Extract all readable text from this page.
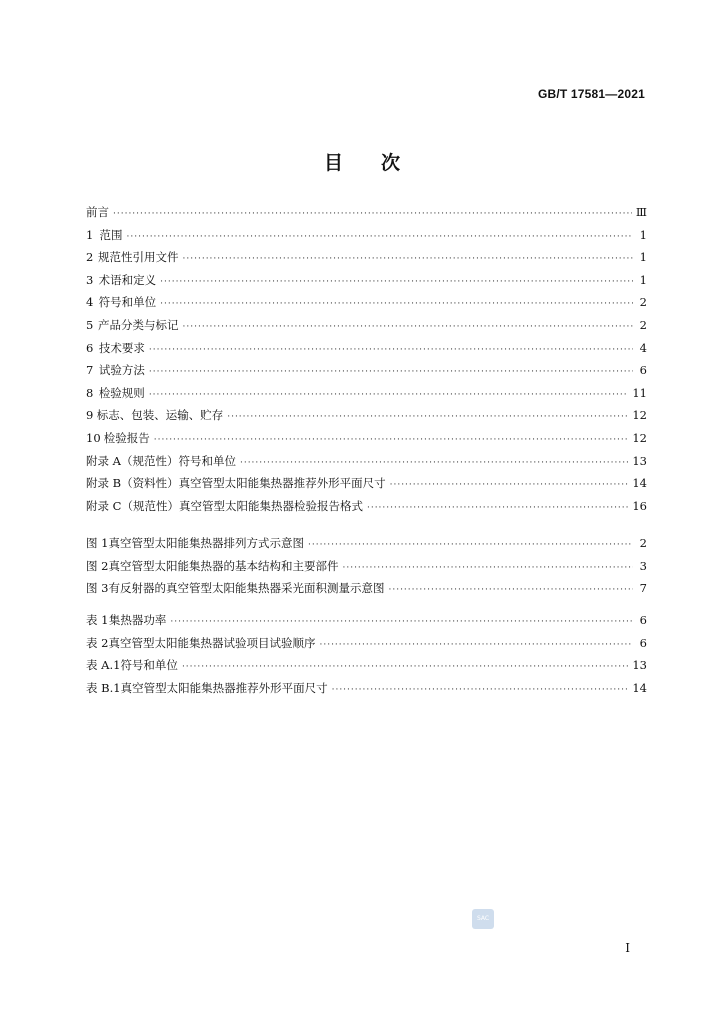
GB/T 17581—2021
目 次
前言 ·····	Ⅲ
1 范围 ·····	1
2 规范性引用文件 ·····	1
3 术语和定义 ·····	1
4 符号和单位 ·····	2
5 产品分类与标记 ·····	2
6 技术要求 ·····	4
7 试验方法 ·····	6
8 检验规则 ·····	11
9 标志、包装、运输、贮存 ·····	12
10 检验报告 ·····	12
附录 A（规范性） 符号和单位 ·····	13
附录 B（资料性） 真空管型太阳能集热器推荐外形平面尺寸 ·····	14
附录 C（规范性） 真空管型太阳能集热器检验报告格式 ·····	16
图 1 真空管型太阳能集热器排列方式示意图 ·····	2
图 2 真空管型太阳能集热器的基本结构和主要部件 ·····	3
图 3 有反射器的真空管型太阳能集热器采光面积测量示意图 ·····	7
表 1 集热器功率 ·····	6
表 2 真空管型太阳能集热器试验项目试验顺序 ·····	6
表 A.1 符号和单位 ·····	13
表 B.1 真空管型太阳能集热器推荐外形平面尺寸 ·····	14
SAC
Ⅰ
